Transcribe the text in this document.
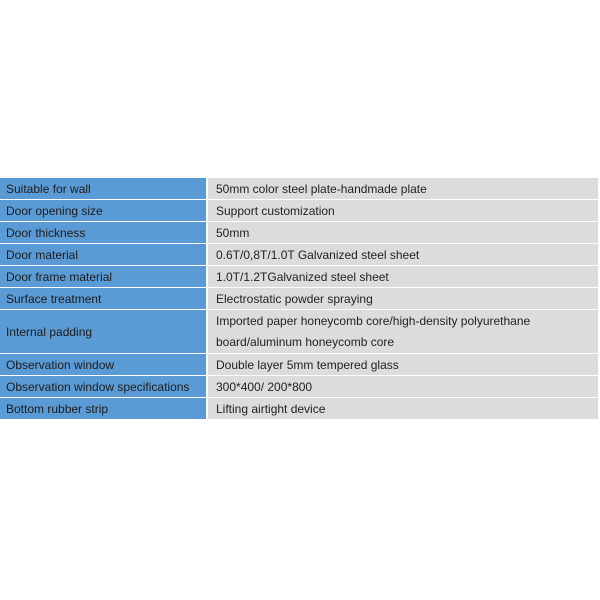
Suitable for wall	50mm color steel plate-handmade plate
Door opening size	Support customization
Door thickness	50mm
Door material	0.6T/0,8T/1.0T Galvanized steel sheet
Door frame material	1.0T/1.2TGalvanized steel sheet
Surface treatment	Electrostatic powder spraying
Internal padding	Imported paper honeycomb core/high-density polyurethane board/aluminum honeycomb core
Observation window	Double layer 5mm tempered glass
Observation window specifications	300*400/ 200*800
Bottom rubber strip	Lifting airtight device
